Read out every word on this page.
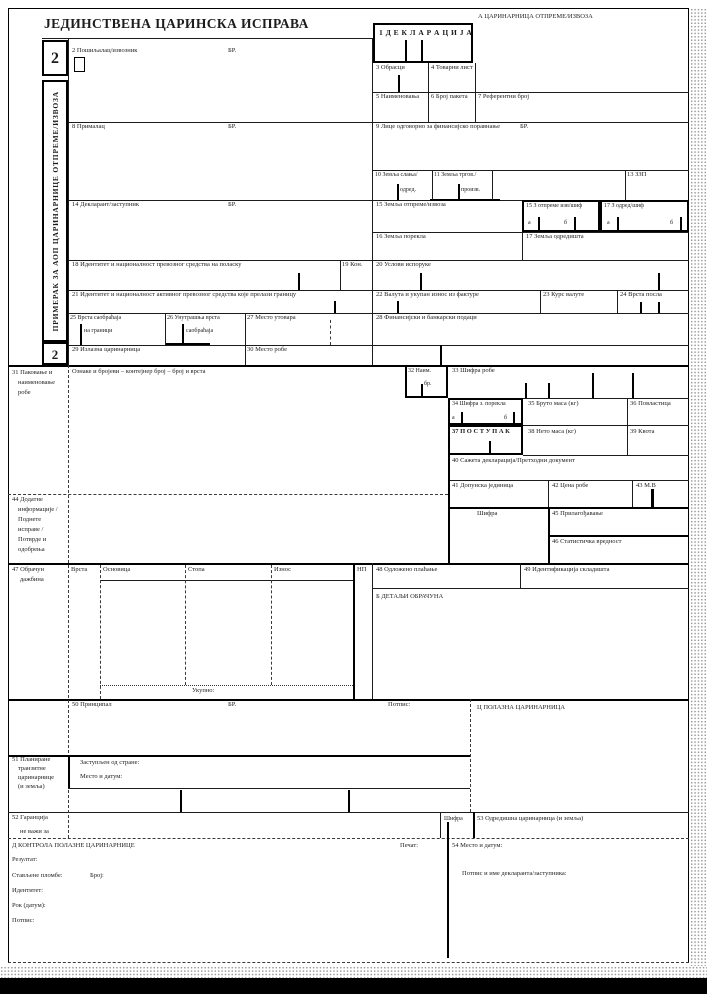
ЈЕДИНСТВЕНА ЦАРИНСКА ИСПРАВА	А ЦАРИНАРНИЦА ОТПРЕМЕ/ИЗВОЗА
2
ПРИМЕРАК ЗА АОП ЦАРИНАРНИЦЕ ОТПРЕМЕ/ИЗВОЗА
2
1 Д Е К Л А Р А Ц И Ј А
2 Пошиљалац/извозник	БР.
3 Обрасци	4 Товарни лист
5 Наименовања 6 Број пакета 7 Референтни број
8 Прималац	БР.	9 Лице одговорно за финансијско поравнање	БР.
10 Земља слања/
одред.
11 Земља тргов./
произв.
13 ЗЗП
14 Декларант/заступник	БР.	15 Земља отпреме/извоза	15 З отпреме изв/шиф
а	б
17 З одред/шиф
а	б
16 Земља порекла	17 Земља одредишта
18 Идентитет и националност превозног средства на поласку	19 Кон. 20 Услови испоруке
21 Идентитет и националност активног превозног средства које прелази границу	22 Валута и укупан износ из фактуре	23 Курс валуте	24 Врста посла
25 Врста саобраћаја
на граници
26 Унутрашња врста
саобраћаја
27 Место утовара	28 Финансијски и банкарски подаци
29 Излазна царинарница	30 Место робе
31 Паковање и
наименовање
робе
Ознаке и бројеви – контејнер број – број и врста	32 Наим.
бр.
33 Шифра робе
34 Шифра з. порекла
а	б
35 Бруто маса (кг)	36 Повластица
37 П О С Т У П А К	38 Нето маса (кг)	39 Квота
40 Сажета декларација/Претходни документ
41 Допунска јединица	42 Цена робе	43 М.В
44 Додатне
информације /
Поднете
исправе /
Потврде и
одобрења
Шифра	45 Прилагођавање
46 Статистичка вредност
47 Обрачун
дажбина
Врста Основица	Стопа	Износ	НП
Укупно:
48 Одложено плаћање	49 Идентификација складишта
Б ДЕТАЉИ ОБРАЧУНА
50 Принципал	БР.	Потпис:	Ц ПОЛАЗНА ЦАРИНАРНИЦА
51 Планиране
транзитне
царинарнице
(и земља)
Заступљен од стране:
Место и датум:
52 Гаранција
не важи за
Шифра 53 Одредишна царинарница (и земља)
Д КОНТРОЛА ПОЛАЗНЕ ЦАРИНАРНИЦЕ	Печат:	54 Место и датум:
Резултат:
Стављене пломбе:	Број:
Идентитет:
Рок (датум):
Потпис:
Потпис и име декларанта/заступника:
